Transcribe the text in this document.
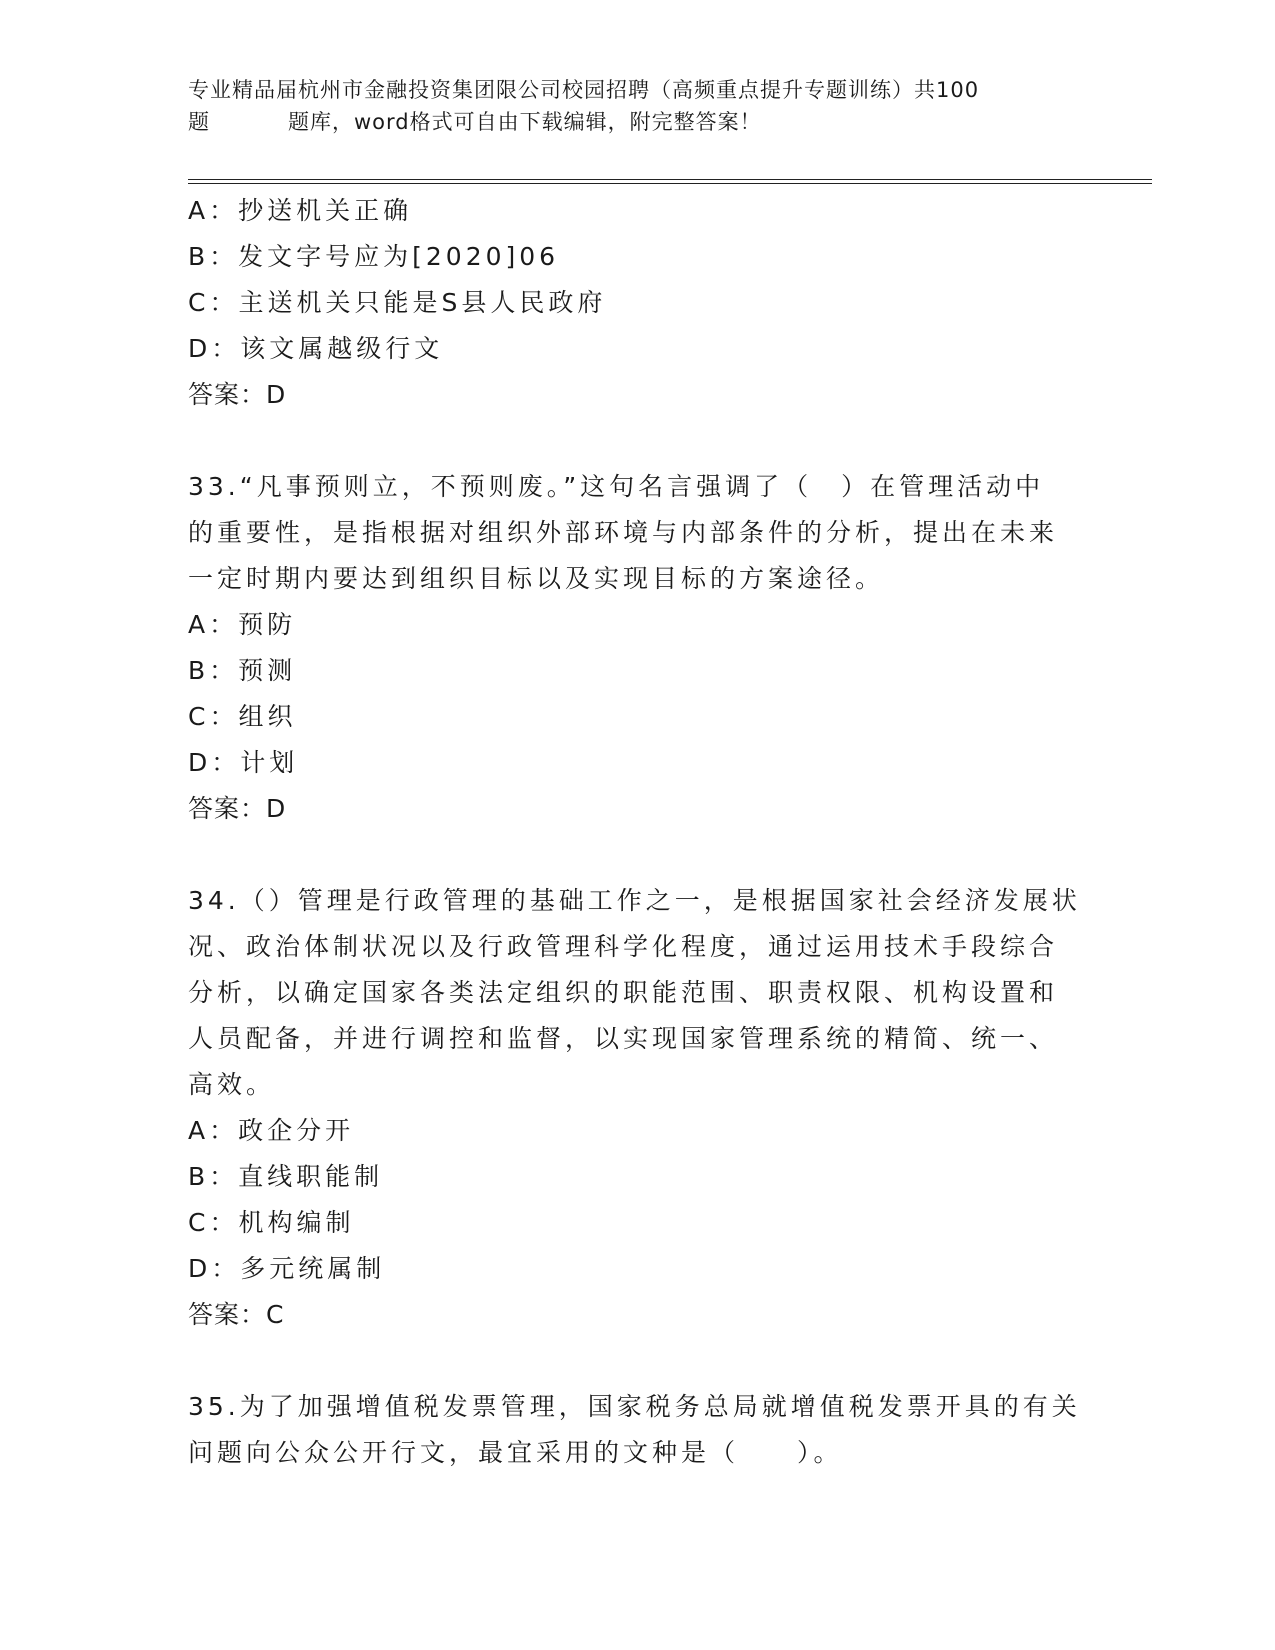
专业精品届杭州市金融投资集团限公司校园招聘（高频重点提升专题训练）共100
题	题库，word格式可自由下载编辑，附完整答案！
A：抄送机关正确
B：发文字号应为[2020]06
C：主送机关只能是S县人民政府
D：该文属越级行文
答案：D
33.“凡事预则立，不预则废。”这句名言强调了（　）在管理活动中
的重要性，是指根据对组织外部环境与内部条件的分析，提出在未来
一定时期内要达到组织目标以及实现目标的方案途径。
A：预防
B：预测
C：组织
D：计划
答案：D
34.（）管理是行政管理的基础工作之一，是根据国家社会经济发展状
况、政治体制状况以及行政管理科学化程度，通过运用技术手段综合
分析，以确定国家各类法定组织的职能范围、职责权限、机构设置和
人员配备，并进行调控和监督，以实现国家管理系统的精简、统一、
高效。
A：政企分开
B：直线职能制
C：机构编制
D：多元统属制
答案：C
35.为了加强增值税发票管理，国家税务总局就增值税发票开具的有关
问题向公众公开行文，最宜采用的文种是（　　）。
